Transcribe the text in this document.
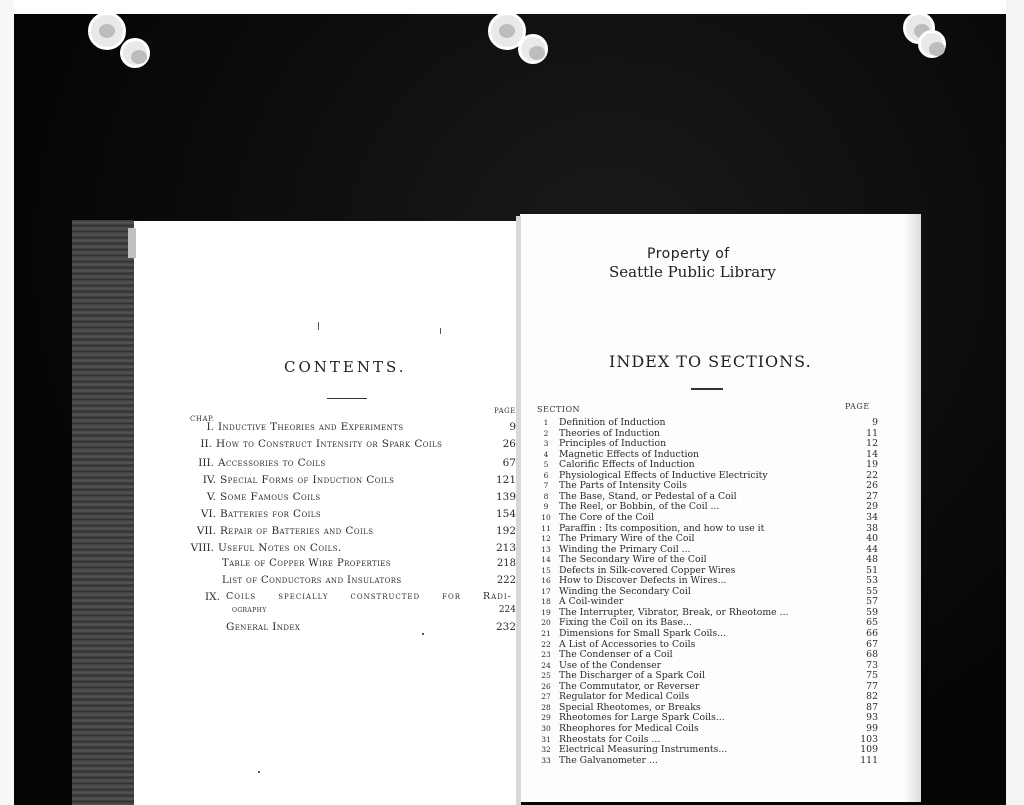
CONTENTS.
CHAP.
PAGE
I. Inductive Theories and Experiments	9
II. How to Construct Intensity or Spark Coils	26
III. Accessories to Coils	67
IV. Special Forms of Induction Coils	121
V. Some Famous Coils	139
VI. Batteries for Coils	154
VII. Repair of Batteries and Coils	192
VIII. Useful Notes on Coils.	213
Table of Copper Wire Properties	218
List of Conductors and Insulators	222
IX. Coils specially constructed for Radi-
ography	224
General Index	232
Property of
Seattle Public Library
INDEX TO SECTIONS.
SECTION	PAGE
1	Definition of Induction	9
2	Theories of Induction	11
3	Principles of Induction	12
4	Magnetic Effects of Induction	14
5	Calorific Effects of Induction	19
6	Physiological Effects of Inductive Electricity	22
7	The Parts of Intensity Coils	26
8	The Base, Stand, or Pedestal of a Coil	27
9	The Reel, or Bobbin, of the Coil ...	29
10 The Core of the Coil	34
11 Paraffin : Its composition, and how to use it	38
12 The Primary Wire of the Coil	40
13 Winding the Primary Coil ...	44
14 The Secondary Wire of the Coil	48
15 Defects in Silk-covered Copper Wires	51
16 How to Discover Defects in Wires...	53
17 Winding the Secondary Coil	55
18 A Coil-winder	57
19 The Interrupter, Vibrator, Break, or Rheotome ...	59
20 Fixing the Coil on its Base...	65
21 Dimensions for Small Spark Coils...	66
22 A List of Accessories to Coils	67
23 The Condenser of a Coil	68
24 Use of the Condenser	73
25 The Discharger of a Spark Coil	75
26 The Commutator, or Reverser	77
27 Regulator for Medical Coils	82
28 Special Rheotomes, or Breaks	87
29 Rheotomes for Large Spark Coils...	93
30 Rheophores for Medical Coils	99
31 Rheostats for Coils ...	103
32 Electrical Measuring Instruments...	109
33 The Galvanometer ...	111
